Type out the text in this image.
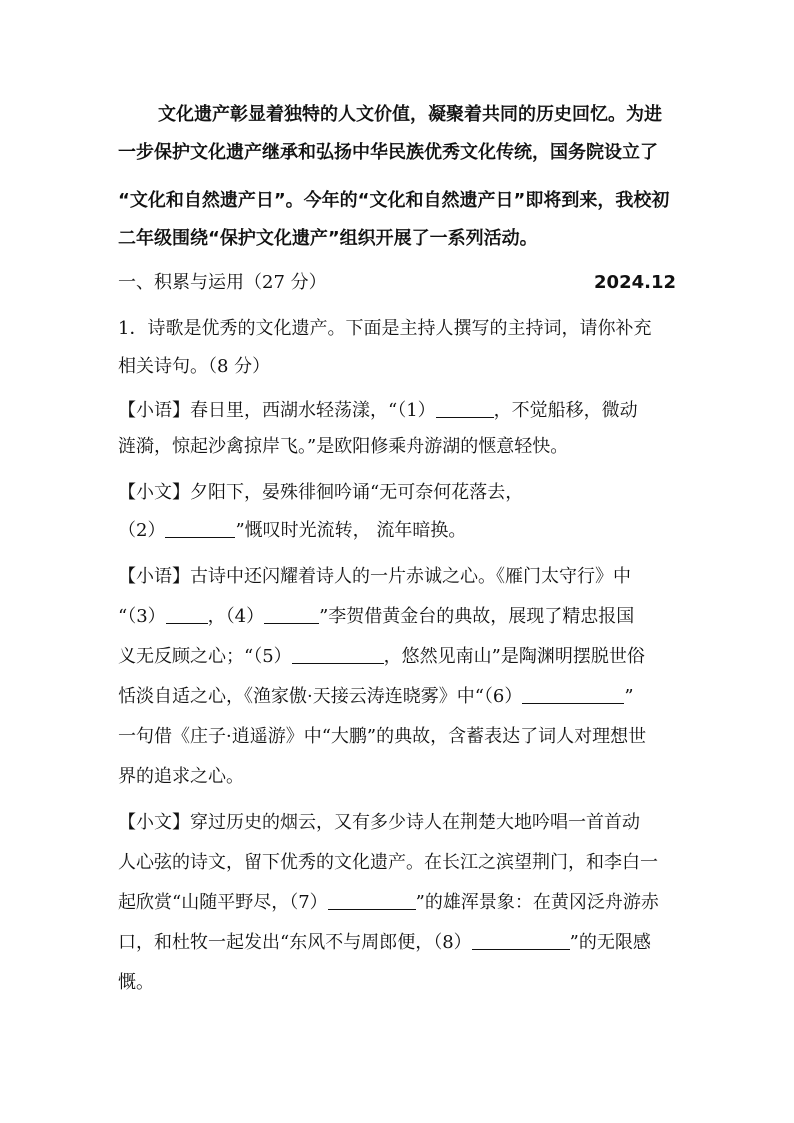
文化遗产彰显着独特的人文价值，凝聚着共同的历史回忆。为进
一步保护文化遗产继承和弘扬中华民族优秀文化传统，国务院设立了
“文化和自然遗产日”。今年的“文化和自然遗产日”即将到来，我校初
二年级围绕“保护文化遗产”组织开展了一系列活动。
一、积累与运用（27 分）	2024.12
1．诗歌是优秀的文化遗产。下面是主持人撰写的主持词，请你补充
相关诗句。（8 分）
【小语】春日里，西湖水轻荡漾，“（1）	，不觉船移，微动
涟漪，惊起沙禽掠岸飞。”是欧阳修乘舟游湖的惬意轻快。
【小文】夕阳下，晏殊徘徊吟诵“无可奈何花落去，
（2）	”慨叹时光流转， 流年暗换。
【小语】古诗中还闪耀着诗人的一片赤诚之心。《雁门太守行》中
“（3） ，（4）	”李贺借黄金台的典故，展现了精忠报国
义无反顾之心；“（5）	，悠然见南山”是陶渊明摆脱世俗
恬淡自适之心，《渔家傲·天接云涛连晓雾》中“（6）	”
一句借《庄子·逍遥游》中“大鹏”的典故，含蓄表达了词人对理想世
界的追求之心。
【小文】穿过历史的烟云，又有多少诗人在荆楚大地吟唱一首首动
人心弦的诗文，留下优秀的文化遗产。在长江之滨望荆门，和李白一
起欣赏“山随平野尽，（7）	”的雄浑景象：在黄冈泛舟游赤
口，和杜牧一起发出“东风不与周郎便，（8）	”的无限感
慨。
